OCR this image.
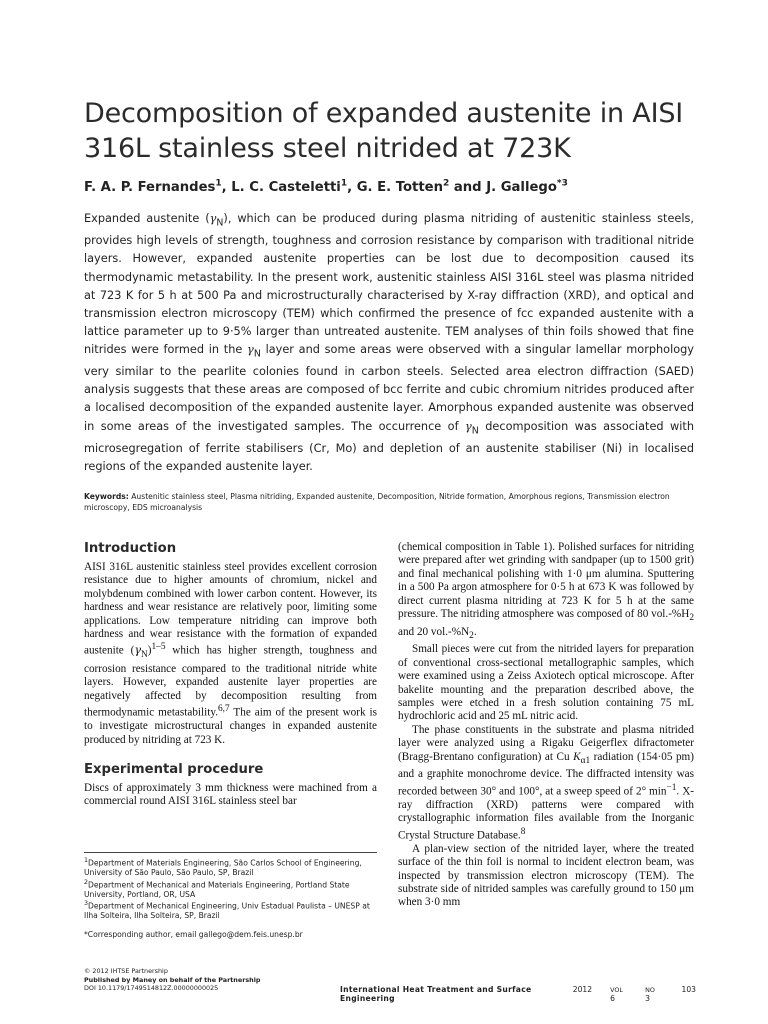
Decomposition of expanded austenite in AISI 316L stainless steel nitrided at 723K
F. A. P. Fernandes$^1$, L. C. Casteletti$^1$, G. E. Totten$^2$ and J. Gallego$^{*3}$

Expanded austenite $(\gamma_N)$, which can be produced during plasma nitriding of austenitic stainless steels, provides high levels of strength, toughness and corrosion resistance by comparison with traditional nitride layers. However, expanded austenite properties can be lost due to decomposition caused its thermodynamic metastability. In the present work, austenitic stainless AISI 316L steel was plasma nitrided at 723 K for 5 h at 500 Pa and microstructurally characterised by X-ray diffraction (XRD), and optical and transmission electron microscopy (TEM) which confirmed the presence of fcc expanded austenite with a lattice parameter up to 9·5% larger than untreated austenite. TEM analyses of thin foils showed that fine nitrides were formed in the $\gamma_N$ layer and some areas were observed with a singular lamellar morphology very similar to the pearlite colonies found in carbon steels. Selected area electron diffraction (SAED) analysis suggests that these areas are composed of bcc ferrite and cubic chromium nitrides produced after a localised decomposition of the expanded austenite layer. Amorphous expanded austenite was observed in some areas of the investigated samples. The occurrence of $\gamma_N$ decomposition was associated with microsegregation of ferrite stabilisers (Cr, Mo) and depletion of an austenite stabiliser (Ni) in localised regions of the expanded austenite layer.

Keywords: Austenitic stainless steel, Plasma nitriding, Expanded austenite, Decomposition, Nitride formation, Amorphous regions, Transmission electron microscopy, EDS microanalysis

Introduction

AISI 316L austenitic stainless steel provides excellent corrosion resistance due to higher amounts of chromium, nickel and molybdenum combined with lower carbon content. However, its hardness and wear resistance are relatively poor, limiting some applications. Low temperature nitriding can improve both hardness and wear resistance with the formation of expanded austenite $(\gamma_N)^{1-5}$ which has higher strength, toughness and corrosion resistance compared to the traditional nitride white layers. However, expanded austenite layer properties are negatively affected by decomposition resulting from thermodynamic metastability.$^{6,7}$ The aim of the present work is to investigate microstructural changes in expanded austenite produced by nitriding at 723 K.

Experimental procedure

Discs of approximately 3 mm thickness were machined from a commercial round AISI 316L stainless steel bar

(chemical composition in Table 1). Polished surfaces for nitriding were prepared after wet grinding with sandpaper (up to 1500 grit) and final mechanical polishing with 1·0 μm alumina. Sputtering in a 500 Pa argon atmosphere for 0·5 h at 673 K was followed by direct current plasma nitriding at 723 K for 5 h at the same pressure. The nitriding atmosphere was composed of 80 $vol.-\%H_2$ and 20 $vol.-\%N_2$.

Small pieces were cut from the nitrided layers for preparation of conventional cross-sectional metallographic samples, which were examined using a Zeiss Axiotech optical microscope. After bakelite mounting and the preparation described above, the samples were etched in a fresh solution containing 75 mL hydrochloric acid and 25 mL nitric acid.

The phase constituents in the substrate and plasma nitrided layer were analyzed using a Rigaku Geigerflex difractometer (Bragg-Brentano configuration) at Cu $K_{\alpha 1}$ radiation (154·05 pm) and a graphite monochrome device. The diffracted intensity was recorded between 30° and 100°, at a sweep speed of 2° $\min^{-1}$. X-ray diffraction (XRD) patterns were compared with crystallographic information files available from the Inorganic Crystal Structure Database.$^8$

A plan-view section of the nitrided layer, where the treated surface of the thin foil is normal to incident electron beam, was inspected by transmission electron microscopy (TEM). The substrate side of nitrided samples was carefully ground to 150 μm when 3·0 mm

$^1$Department of Materials Engineering, São Carlos School of Engineering, University of São Paulo, São Paulo, SP, Brazil

$^2$Department of Mechanical and Materials Engineering, Portland State University, Portland, OR, USA

$^3$Department of Mechanical Engineering, Univ Estadual Paulista – UNESP at Ilha Solteira, Ilha Solteira, SP, Brazil

*Corresponding author, email gallego@dem.feis.unesp.br

© 2012 IHTSE Partnership
Published by Maney on behalf of the Partnership
DOI 10.1179/1749514812Z.00000000025	International Heat Treatment and Surface Engineering
2012	VOL 6
NO 3
103
